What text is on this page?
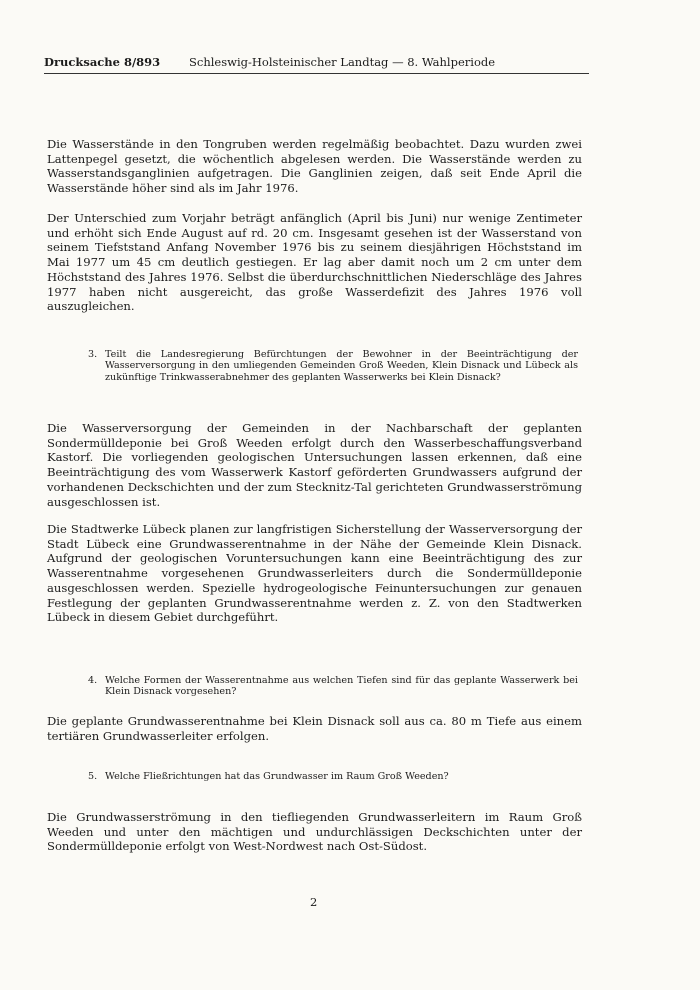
Drucksache 8/893	Schleswig-Holsteinischer Landtag — 8. Wahlperiode

Die Wasserstände in den Tongruben werden regelmäßig beobachtet. Dazu wurden zwei Lattenpegel gesetzt, die wöchentlich abgelesen werden. Die Wasserstände werden zu Wasserstandsganglinien aufgetragen. Die Ganglinien zeigen, daß seit Ende April die Wasserstände höher sind als im Jahr 1976.

Der Unterschied zum Vorjahr beträgt anfänglich (April bis Juni) nur wenige Zentimeter und erhöht sich Ende August auf rd. 20 cm. Insgesamt gesehen ist der Wasserstand von seinem Tiefststand Anfang November 1976 bis zu seinem diesjährigen Höchststand im Mai 1977 um 45 cm deutlich gestiegen. Er lag aber damit noch um 2 cm unter dem Höchststand des Jahres 1976. Selbst die überdurchschnittlichen Niederschläge des Jahres 1977 haben nicht ausgereicht, das große Wasserdefizit des Jahres 1976 voll auszugleichen.

3. Teilt die Landesregierung Befürchtungen der Bewohner in der Beeinträchtigung der Wasserversorgung in den umliegenden Gemeinden Groß Weeden, Klein Disnack und Lübeck als zukünftige Trinkwasserabnehmer des geplanten Wasserwerks bei Klein Disnack?

Die Wasserversorgung der Gemeinden in der Nachbarschaft der geplanten Sondermülldeponie bei Groß Weeden erfolgt durch den Wasserbeschaffungsverband Kastorf. Die vorliegenden geologischen Untersuchungen lassen erkennen, daß eine Beeinträchtigung des vom Wasserwerk Kastorf geförderten Grundwassers aufgrund der vorhandenen Deckschichten und der zum Stecknitz-Tal gerichteten Grundwasserströmung ausgeschlossen ist.

Die Stadtwerke Lübeck planen zur langfristigen Sicherstellung der Wasserversorgung der Stadt Lübeck eine Grundwasserentnahme in der Nähe der Gemeinde Klein Disnack. Aufgrund der geologischen Voruntersuchungen kann eine Beeinträchtigung des zur Wasserentnahme vorgesehenen Grundwasserleiters durch die Sondermülldeponie ausgeschlossen werden. Spezielle hydrogeologische Feinuntersuchungen zur genauen Festlegung der geplanten Grundwasserentnahme werden z. Z. von den Stadtwerken Lübeck in diesem Gebiet durchgeführt.

4. Welche Formen der Wasserentnahme aus welchen Tiefen sind für das geplante Wasserwerk bei Klein Disnack vorgesehen?

Die geplante Grundwasserentnahme bei Klein Disnack soll aus ca. 80 m Tiefe aus einem tertiären Grundwasserleiter erfolgen.

5. Welche Fließrichtungen hat das Grundwasser im Raum Groß Weeden?

Die Grundwasserströmung in den tiefliegenden Grundwasserleitern im Raum Groß Weeden und unter den mächtigen und undurchlässigen Deckschichten unter der Sondermülldeponie erfolgt von West-Nordwest nach Ost-Südost.

2
